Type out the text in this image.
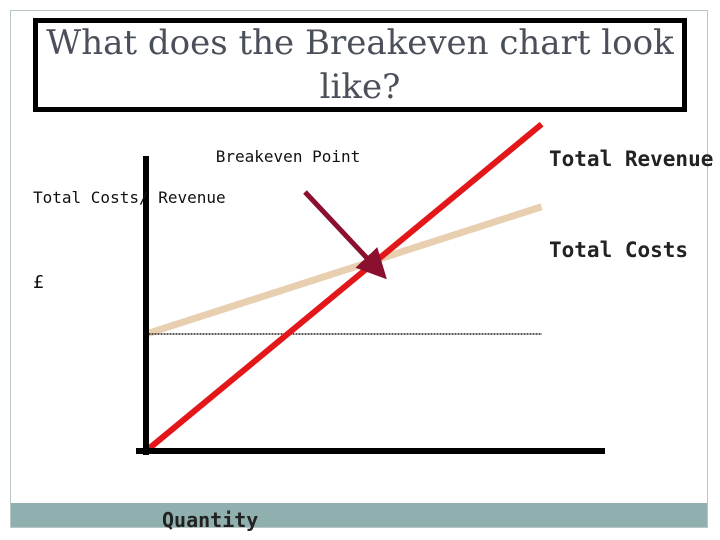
What does the Breakeven chart look like?
Total Costs/ Revenue
£
Breakeven Point	Total Revenue
Total Costs
Quantity
